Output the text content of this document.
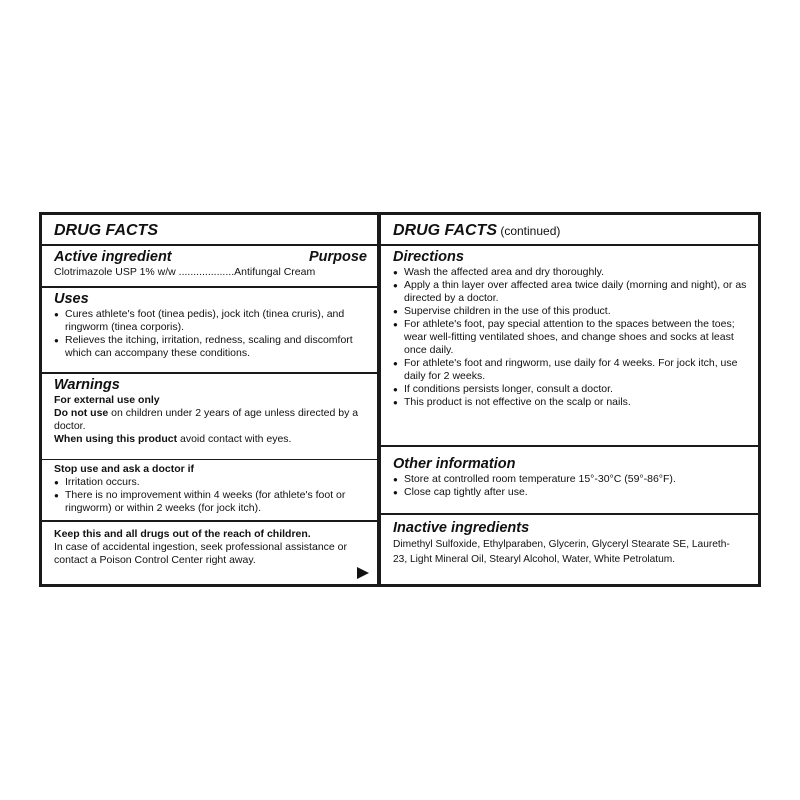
DRUG FACTS
Active ingredient	Purpose
Clotrimazole USP 1% w/w ...................Antifungal Cream
Uses
● Cures athlete's foot (tinea pedis), jock itch (tinea cruris), and ringworm (tinea corporis).
● Relieves the itching, irritation, redness, scaling and discomfort which can accompany these conditions.
Warnings
For external use only
Do not use on children under 2 years of age unless directed by a doctor.
When using this product avoid contact with eyes.
Stop use and ask a doctor if
● Irritation occurs.
● There is no improvement within 4 weeks (for athlete's foot or ringworm) or within 2 weeks (for jock itch).
Keep this and all drugs out of the reach of children.
In case of accidental ingestion, seek professional assistance or contact a Poison Control Center right away.
DRUG FACTS (continued)
Directions
● Wash the affected area and dry thoroughly.
● Apply a thin layer over affected area twice daily (morning and night), or as directed by a doctor.
● Supervise children in the use of this product.
● For athlete's foot, pay special attention to the spaces between the toes; wear well-fitting ventilated shoes, and change shoes and socks at least once daily.
● For athlete's foot and ringworm, use daily for 4 weeks. For jock itch, use daily for 2 weeks.
● If conditions persists longer, consult a doctor.
● This product is not effective on the scalp or nails.
Other information
● Store at controlled room temperature 15°-30°C (59°-86°F).
● Close cap tightly after use.
Inactive ingredients
Dimethyl Sulfoxide, Ethylparaben, Glycerin, Glyceryl Stearate SE, Laureth-23, Light Mineral Oil, Stearyl Alcohol, Water, White Petrolatum.
